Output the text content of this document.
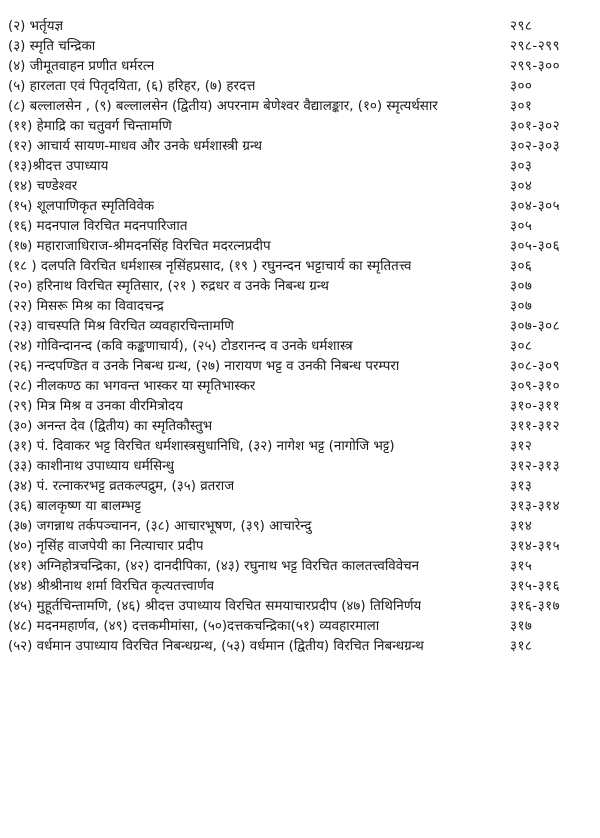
(२) भर्तृयज्ञ	२९८
(३) स्मृति चन्द्रिका	२९८-२९९
(४) जीमूतवाहन प्रणीत धर्मरत्न	२९९-३००
(५) हारलता एवं पितृदयिता, (६) हरिहर, (७) हरदत्त	३००
(८) बल्लालसेन , (९) बल्लालसेन (द्वितीय) अपरनाम बेणेश्वर वैद्यालङ्कार, (१०) स्मृत्यर्थसार	३०१
(११) हेमाद्रि का चतुवर्ग चिन्तामणि	३०१-३०२
(१२) आचार्य सायण-माधव और उनके धर्मशास्त्री ग्रन्थ	३०२-३०३
(१३)श्रीदत्त उपाध्याय	३०३
(१४) चण्डेश्वर	३०४
(१५) शूलपाणिकृत स्मृतिविवेक	३०४-३०५
(१६) मदनपाल विरचित मदनपारिजात	३०५
(१७) महाराजाधिराज-श्रीमदनसिंह विरचित मदरत्नप्रदीप	३०५-३०६
(१८ ) दलपति विरचित धर्मशास्त्र नृसिंहप्रसाद, (१९ ) रघुनन्दन भट्टाचार्य का स्मृतितत्त्व	३०६
(२०) हरिनाथ विरचित स्मृतिसार, (२१ ) रुद्रधर व उनके निबन्ध ग्रन्थ	३०७
(२२) मिसरू मिश्र का विवादचन्द्र	३०७
(२३) वाचस्पति मिश्र विरचित व्यवहारचिन्तामणि	३०७-३०८
(२४) गोविन्दानन्द (कवि कङ्कणाचार्य), (२५) टोडरानन्द व उनके धर्मशास्त्र	३०८
(२६) नन्दपण्डित व उनके निबन्ध ग्रन्थ, (२७) नारायण भट्ट व उनकी निबन्ध परम्परा	३०८-३०९
(२८) नीलकण्ठ का भगवन्त भास्कर या स्मृतिभास्कर	३०९-३१०
(२९) मित्र मिश्र व उनका वीरमित्रोदय	३१०-३११
(३०) अनन्त देव (द्वितीय) का स्मृतिकौस्तुभ	३११-३१२
(३१) पं. दिवाकर भट्ट विरचित धर्मशास्त्रसुधानिधि, (३२) नागेश भट्ट (नागोजि भट्ट)	३१२
(३३) काशीनाथ उपाध्याय धर्मसिन्धु	३१२-३१३
(३४) पं. रत्नाकरभट्ट व्रतकल्पद्रुम, (३५) व्रतराज	३१३
(३६) बालकृष्ण या बालम्भट्ट	३१३-३१४
(३७) जगन्नाथ तर्कपञ्चानन, (३८) आचारभूषण, (३९) आचारेन्दु	३१४
(४०) नृसिंह वाजपेयी का नित्याचार प्रदीप	३१४-३१५
(४१) अग्निहोत्रचन्द्रिका, (४२) दानदीपिका, (४३) रघुनाथ भट्ट विरचित कालतत्त्वविवेचन	३१५
(४४) श्रीश्रीनाथ शर्मा विरचित कृत्यतत्त्वार्णव	३१५-३१६
(४५) मुहूर्तचिन्तामणि, (४६) श्रीदत्त उपाध्याय विरचित समयाचारप्रदीप (४७) तिथिनिर्णय	३१६-३१७
(४८) मदनमहार्णव, (४९) दत्तकमीमांसा, (५०)दत्तकचन्द्रिका(५१) व्यवहारमाला	३१७
(५२) वर्धमान उपाध्याय विरचित निबन्धग्रन्थ, (५३) वर्धमान (द्वितीय) विरचित निबन्धग्रन्थ	३१८
